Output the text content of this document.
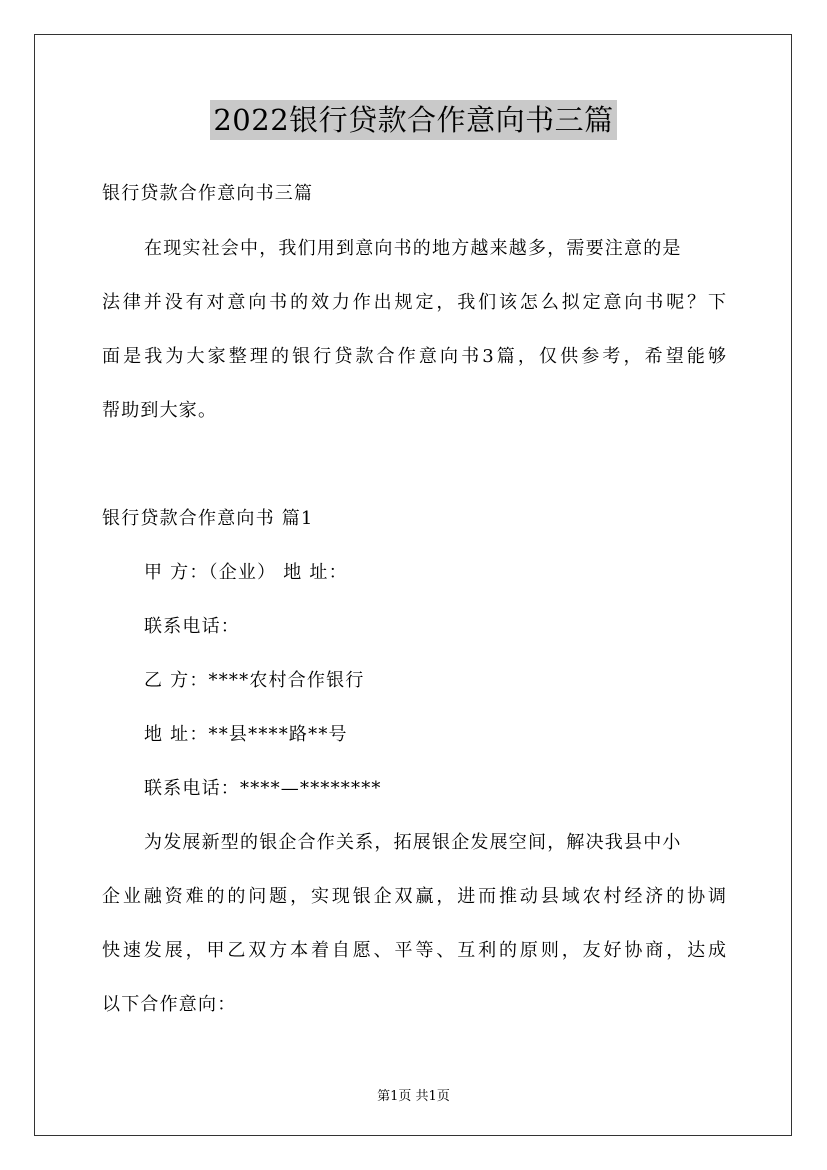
2022银行贷款合作意向书三篇
银行贷款合作意向书三篇
在现实社会中，我们用到意向书的地方越来越多，需要注意的是
法律并没有对意向书的效力作出规定，我们该怎么拟定意向书呢？下
面是我为大家整理的银行贷款合作意向书3篇，仅供参考，希望能够
帮助到大家。
银行贷款合作意向书 篇1
甲 方：（企业） 地 址：
联系电话：
乙 方：****农村合作银行
地 址：**县****路**号
联系电话：****—********
为发展新型的银企合作关系，拓展银企发展空间，解决我县中小
企业融资难的的问题，实现银企双赢，进而推动县域农村经济的协调
快速发展，甲乙双方本着自愿、平等、互利的原则，友好协商，达成
以下合作意向：
第1页 共1页
